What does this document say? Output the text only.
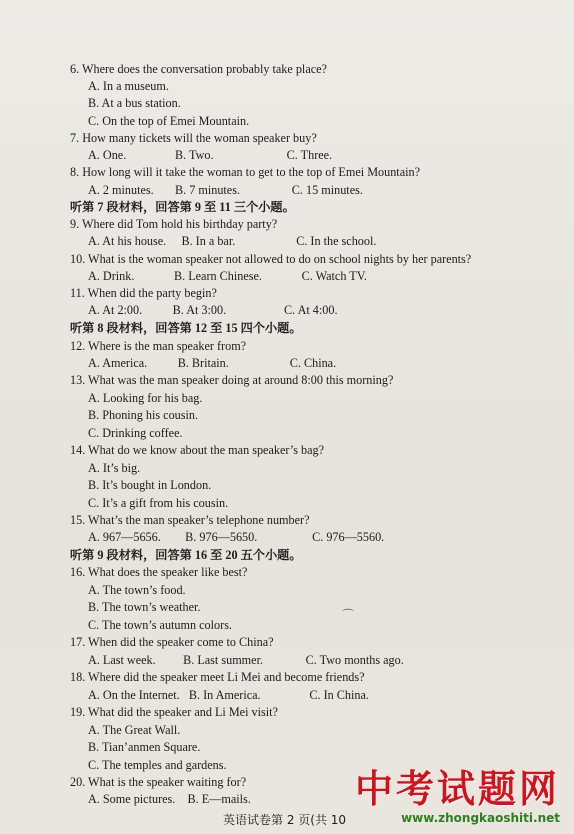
6. Where does the conversation probably take place?
A. In a museum.
B. At a bus station.
C. On the top of Emei Mountain.
7. How many tickets will the woman speaker buy?
A. One.                B. Two.                        C. Three.
8. How long will it take the woman to get to the top of Emei Mountain?
A. 2 minutes.       B. 7 minutes.                 C. 15 minutes.
听第 7 段材料，回答第 9 至 11 三个小题。
9. Where did Tom hold his birthday party?
A. At his house.     B. In a bar.                    C. In the school.
10. What is the woman speaker not allowed to do on school nights by her parents?
A. Drink.             B. Learn Chinese.             C. Watch TV.
11. When did the party begin?
A. At 2:00.          B. At 3:00.                   C. At 4:00.
听第 8 段材料，回答第 12 至 15 四个小题。
12. Where is the man speaker from?
A. America.          B. Britain.                    C. China.
13. What was the man speaker doing at around 8:00 this morning?
A. Looking for his bag.
B. Phoning his cousin.
C. Drinking coffee.
14. What do we know about the man speaker’s bag?
A. It’s big.
B. It’s bought in London.
C. It’s a gift from his cousin.
15. What’s the man speaker’s telephone number?
A. 967—5656.        B. 976—5650.                  C. 976—5560.
听第 9 段材料，回答第 16 至 20 五个小题。
16. What does the speaker like best?
A. The town’s food.
B. The town’s weather.
C. The town’s autumn colors.
17. When did the speaker come to China?
A. Last week.         B. Last summer.              C. Two months ago.
18. Where did the speaker meet Li Mei and become friends?
A. On the Internet.   B. In America.                C. In China.
19. What did the speaker and Li Mei visit?
A. The Great Wall.
B. Tian’anmen Square.
C. The temples and gardens.
20. What is the speaker waiting for?
A. Some pictures.    B. E—mails.
⌒
英语试卷第 2 页(共 10
中考试题网
www.zhongkaoshiti.net
